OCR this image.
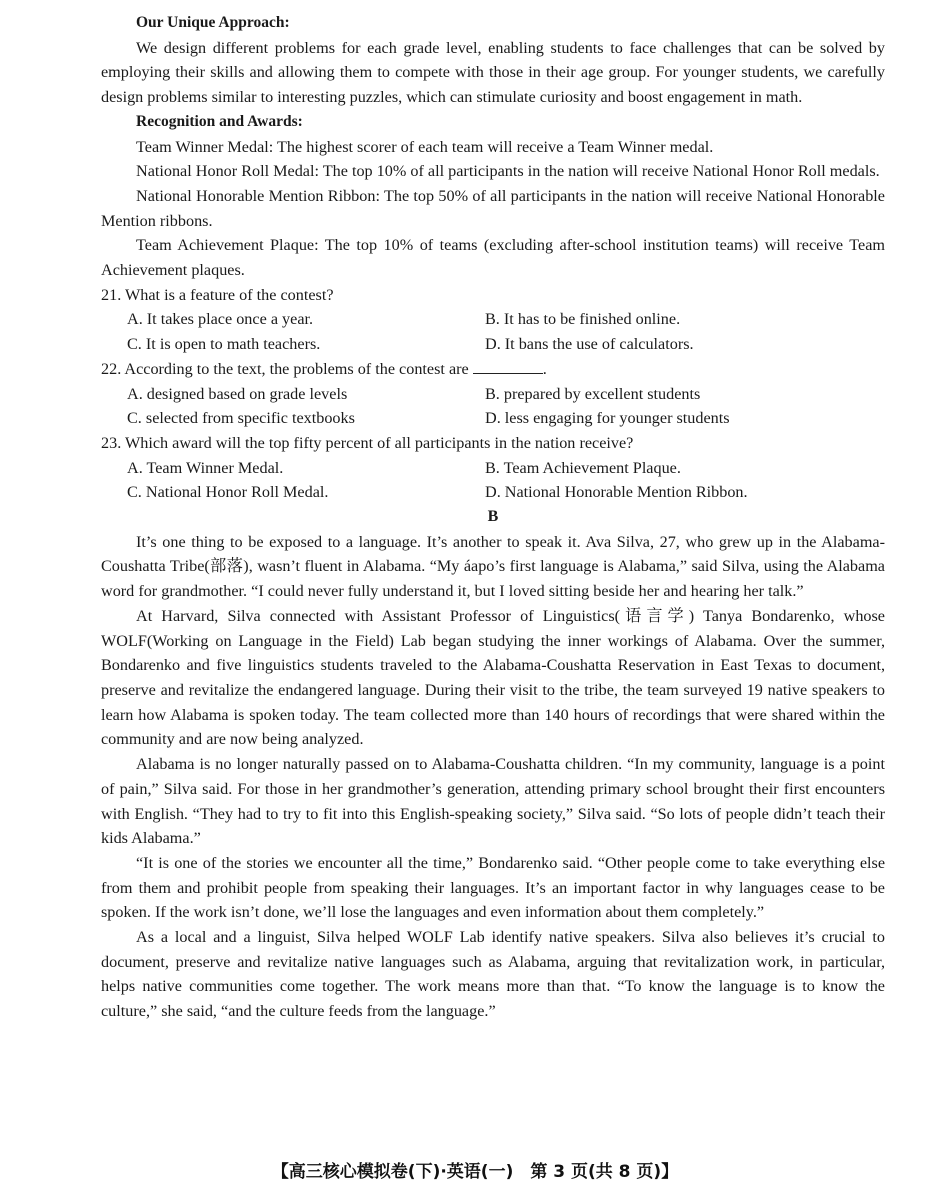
Our Unique Approach:

We design different problems for each grade level, enabling students to face challenges that can be solved by employing their skills and allowing them to compete with those in their age group. For younger students, we carefully design problems similar to interesting puzzles, which can stimulate curiosity and boost engagement in math.

Recognition and Awards:

Team Winner Medal: The highest scorer of each team will receive a Team Winner medal.

National Honor Roll Medal: The top 10% of all participants in the nation will receive National Honor Roll medals.

National Honorable Mention Ribbon: The top 50% of all participants in the nation will receive National Honorable Mention ribbons.

Team Achievement Plaque: The top 10% of teams (excluding after-school institution teams) will receive Team Achievement plaques.

21. What is a feature of the contest?

A. It takes place once a year.	B. It has to be finished online.
C. It is open to math teachers.	D. It bans the use of calculators.

22. According to the text, the problems of the contest are	.

A. designed based on grade levels	B. prepared by excellent students
C. selected from specific textbooks	D. less engaging for younger students

23. Which award will the top fifty percent of all participants in the nation receive?

A. Team Winner Medal.	B. Team Achievement Plaque.
C. National Honor Roll Medal.	D. National Honorable Mention Ribbon.

B

It’s one thing to be exposed to a language. It’s another to speak it. Ava Silva, 27, who grew up in the Alabama-Coushatta Tribe(部落), wasn’t fluent in Alabama. “My áapo’s first language is Alabama,” said Silva, using the Alabama word for grandmother. “I could never fully understand it, but I loved sitting beside her and hearing her talk.”

At Harvard, Silva connected with Assistant Professor of Linguistics(语言学) Tanya Bondarenko, whose WOLF(Working on Language in the Field) Lab began studying the inner workings of Alabama. Over the summer, Bondarenko and five linguistics students traveled to the Alabama-Coushatta Reservation in East Texas to document, preserve and revitalize the endangered language. During their visit to the tribe, the team surveyed 19 native speakers to learn how Alabama is spoken today. The team collected more than 140 hours of recordings that were shared within the community and are now being analyzed.

Alabama is no longer naturally passed on to Alabama-Coushatta children. “In my community, language is a point of pain,” Silva said. For those in her grandmother’s generation, attending primary school brought their first encounters with English. “They had to try to fit into this English-speaking society,” Silva said. “So lots of people didn’t teach their kids Alabama.”

“It is one of the stories we encounter all the time,” Bondarenko said. “Other people come to take everything else from them and prohibit people from speaking their languages. It’s an important factor in why languages cease to be spoken. If the work isn’t done, we’ll lose the languages and even information about them completely.”

As a local and a linguist, Silva helped WOLF Lab identify native speakers. Silva also believes it’s crucial to document, preserve and revitalize native languages such as Alabama, arguing that revitalization work, in particular, helps native communities come together. The work means more than that. “To know the language is to know the culture,” she said, “and the culture feeds from the language.”

【高三核心模拟卷(下)·英语(一)　第 3 页(共 8 页)】
